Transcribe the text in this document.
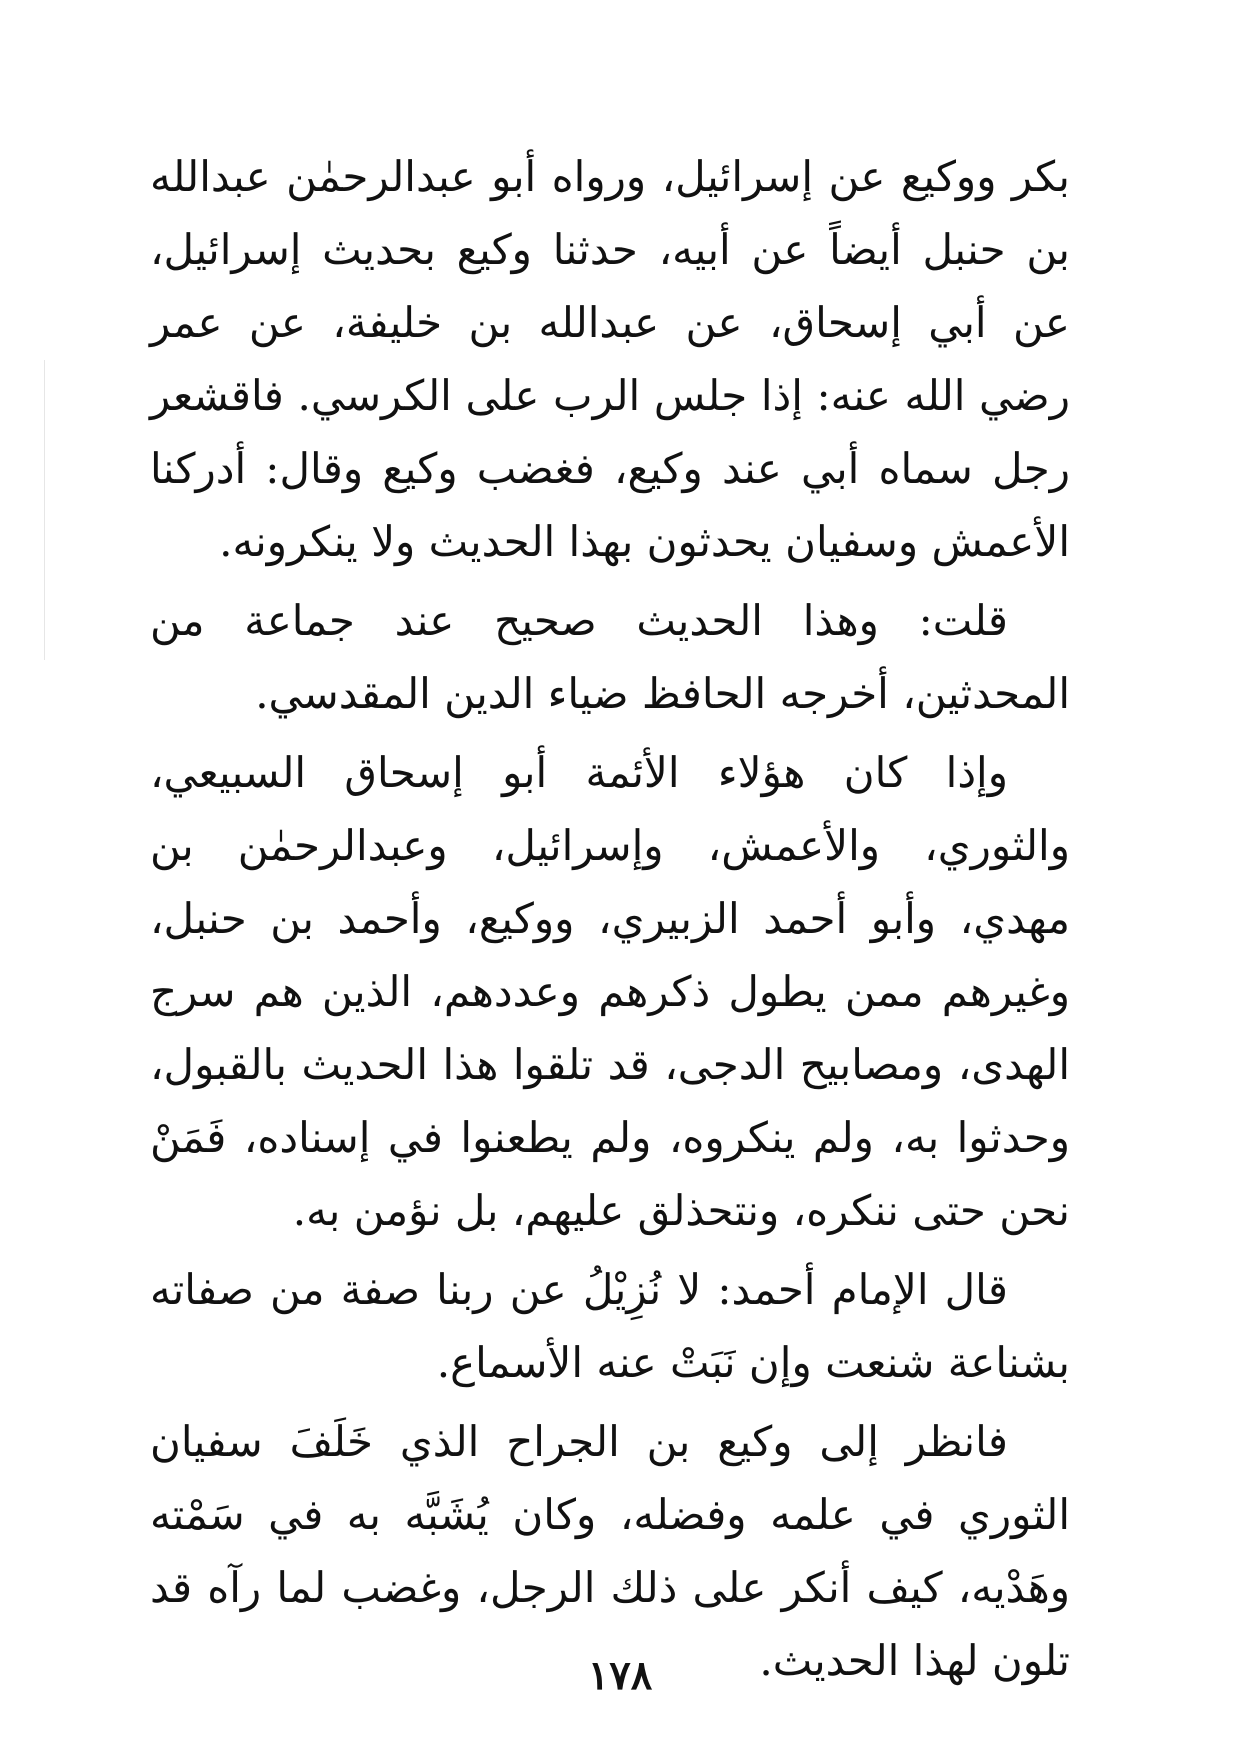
بكر ووكيع عن إسرائيل، ورواه أبو عبدالرحمٰن عبدالله بن حنبل أيضاً عن أبيه، حدثنا وكيع بحديث إسرائيل، عن أبي إسحاق، عن عبدالله بن خليفة، عن عمر رضي الله عنه: إذا جلس الرب على الكرسي. فاقشعر رجل سماه أبي عند وكيع، فغضب وكيع وقال: أدركنا الأعمش وسفيان يحدثون بهذا الحديث ولا ينكرونه.

قلت: وهذا الحديث صحيح عند جماعة من المحدثين، أخرجه الحافظ ضياء الدين المقدسي.

وإذا كان هؤلاء الأئمة أبو إسحاق السبيعي، والثوري، والأعمش، وإسرائيل، وعبدالرحمٰن بن مهدي، وأبو أحمد الزبيري، ووكيع، وأحمد بن حنبل، وغيرهم ممن يطول ذكرهم وعددهم، الذين هم سرج الهدى، ومصابيح الدجى، قد تلقوا هذا الحديث بالقبول، وحدثوا به، ولم ينكروه، ولم يطعنوا في إسناده، فَمَنْ نحن حتى ننكره، ونتحذلق عليهم، بل نؤمن به.

قال الإمام أحمد: لا نُزِيْلُ عن ربنا صفة من صفاته بشناعة شنعت وإن نَبَتْ عنه الأسماع.

فانظر إلى وكيع بن الجراح الذي خَلَفَ سفيان الثوري في علمه وفضله، وكان يُشَبَّه به في سَمْته وهَدْيه، كيف أنكر على ذلك الرجل، وغضب لما رآه قد تلون لهذا الحديث.

١٧٨
